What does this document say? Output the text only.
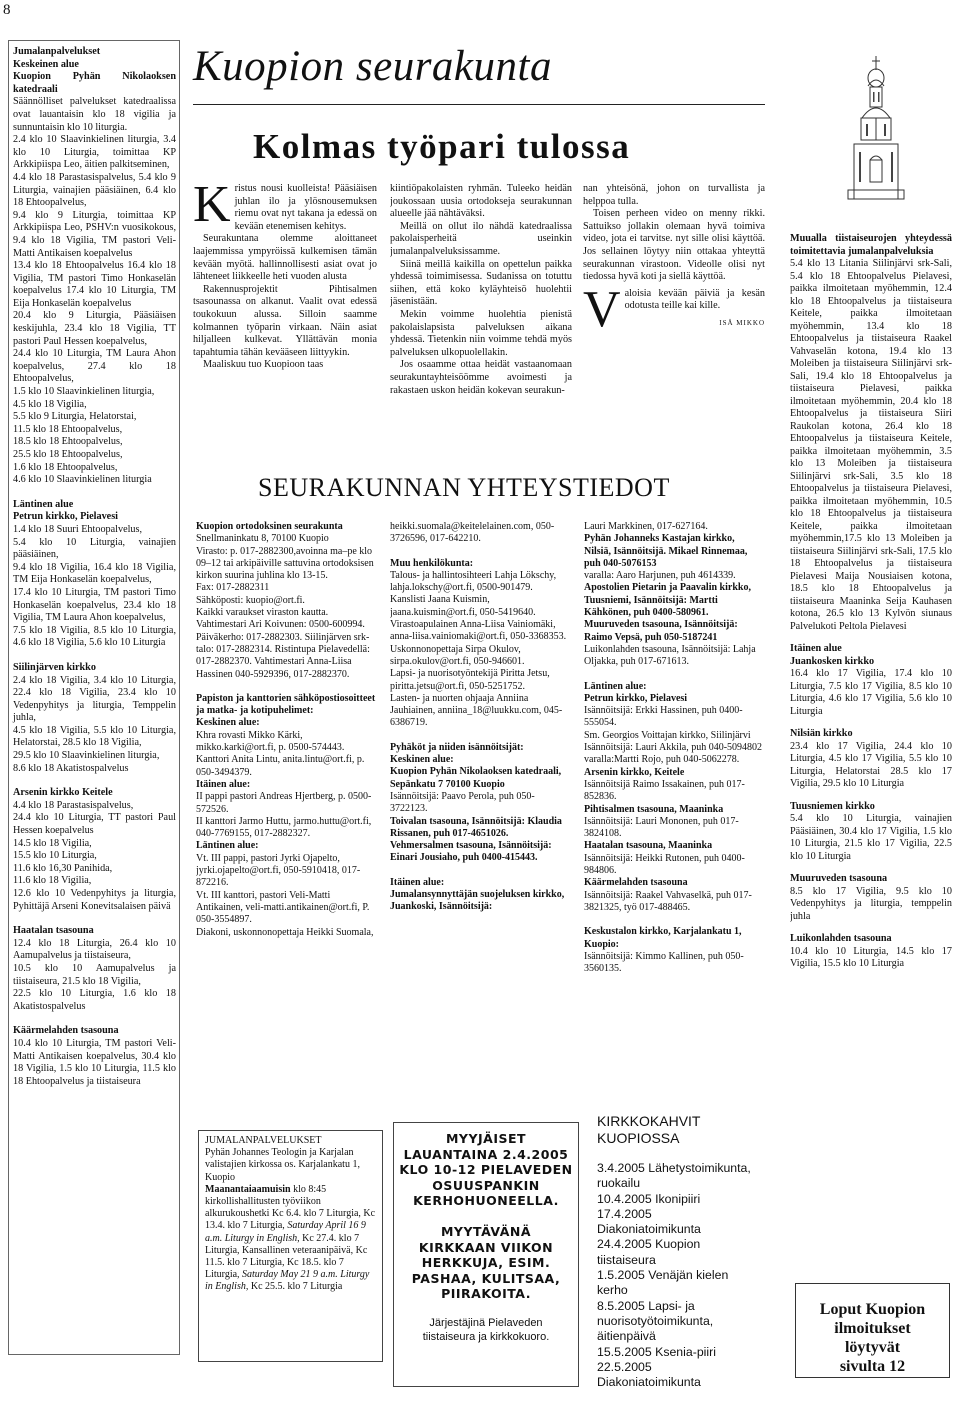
8

Jumalanpalvelukset

Keskeinen alue

Kuopion Pyhän Nikolaoksen katedraali

Säännölliset palvelukset katedraalissa ovat lauantaisin klo 18 vigilia ja sunnuntaisin klo 10 liturgia.

2.4 klo 10 Slaavinkielinen liturgia, 3.4 klo 10 Liturgia, toimittaa KP Arkkipiispa Leo, äitien palkitseminen,

4.4 klo 18 Parastasispalvelus, 5.4 klo 9 Liturgia, vainajien pääsiäinen, 6.4 klo 18 Ehtoopalvelus,

9.4 klo 9 Liturgia, toimittaa KP Arkkipiispa Leo, PSHV:n vuosikokous, 9.4 klo 18 Vigilia, TM pastori Veli-Matti Antikaisen koepalvelus

13.4 klo 18 Ehtoopalvelus 16.4 klo 18 Vigilia, TM pastori Timo Honkaselän koepalvelus 17.4 klo 10 Liturgia, TM Eija Honkaselän koepalvelus

20.4 klo 9 Liturgia, Pääsiäisen keskijuhla, 23.4 klo 18 Vigilia, TT pastori Paul Hessen koepalvelus,

24.4 klo 10 Liturgia, TM Laura Ahon koepalvelus, 27.4 klo 18 Ehtoopalvelus,

1.5 klo 10 Slaavinkielinen liturgia,

4.5 klo 18 Vigilia,

5.5 klo 9 Liturgia, Helatorstai,

11.5 klo 18 Ehtoopalvelus,

18.5 klo 18 Ehtoopalvelus,

25.5 klo 18 Ehtoopalvelus,

1.6 klo 18 Ehtoopalvelus,

4.6 klo 10 Slaavinkielinen liturgia

Läntinen alue

Petrun kirkko, Pielavesi

1.4 klo 18 Suuri Ehtoopalvelus,

5.4 klo 10 Liturgia, vainajien pääsiäinen,

9.4 klo 18 Vigilia, 16.4 klo 18 Vigilia, TM Eija Honkaselän koepalvelus,

17.4 klo 10 Liturgia, TM pastori Timo Honkaselän koepalvelus, 23.4 klo 18 Vigilia, TM Laura Ahon koepalvelus,

7.5 klo 18 Vigilia, 8.5 klo 10 Liturgia, 4.6 klo 18 Vigilia, 5.6 klo 10 Liturgia

Siilinjärven kirkko

2.4 klo 18 Vigilia, 3.4 klo 10 Liturgia, 22.4 klo 18 Vigilia, 23.4 klo 10 Vedenpyhitys ja liturgia, Temppelin juhla,

4.5 klo 18 Vigilia, 5.5 klo 10 Liturgia, Helatorstai, 28.5 klo 18 Vigilia,

29.5 klo 10 Slaavinkielinen liturgia,

8.6 klo 18 Akatistospalvelus

Arsenin kirkko Keitele

4.4 klo 18 Parastasispalvelus,

24.4 klo 10 Liturgia, TT pastori Paul Hessen koepalvelus

14.5 klo 18 Vigilia,

15.5 klo 10 Liturgia,

11.6 klo 16,30 Panihida,

11.6 klo 18 Vigilia,

12.6 klo 10 Vedenpyhitys ja liturgia, Pyhittäjä Arseni Konevitsalaisen päivä

Haatalan tsasouna

12.4 klo 18 Liturgia, 26.4 klo 10 Aamupalvelus ja tiistaiseura,

10.5 klo 10 Aamupalvelus ja tiistaiseura, 21.5 klo 18 Vigilia,

22.5 klo 10 Liturgia, 1.6 klo 18 Akatistospalvelus

Käärmelahden tsasouna

10.4 klo 10 Liturgia, TM pastori Veli-Matti Antikaisen koepalvelus, 30.4 klo 18 Vigilia, 1.5 klo 10 Liturgia, 11.5 klo 18 Ehtoopalvelus ja tiistaiseura

Kuopion seurakunta
Kolmas työpari tulossa
K ristus nousi kuolleista! Pääsiäisen juhlan ilo ja ylösnousemuksen riemu ovat nyt takana ja edessä on kevään etenemisen kehitys.

Seurakuntana olemme aloittaneet laajemmissa ympyröissä kulkemisen tämän kevään myötä. hallinnollisesti asiat ovat jo lähteneet liikkeelle heti vuoden alusta

Rakennusprojektit Pihtisalmen tsasounassa on alkanut. Vaalit ovat edessä toukokuun alussa. Silloin saamme kolmannen työparin virkaan. Näin asiat hiljalleen kulkevat. Yllättävän monia tapahtumia tähän kevääseen liittyykin.

Maaliskuu tuo Kuopioon taas

kiintiöpakolaisten ryhmän. Tuleeko heidän joukossaan uusia ortodokseja seurakunnan alueelle jää nähtäväksi.

Meillä on ollut ilo nähdä katedraalissa pakolaisperheitä useinkin jumalanpalveluksissamme.

Siinä meillä kaikilla on opettelun paikka yhdessä toimimisessa. Sudanissa on totuttu siihen, että koko kyläyhteisö huolehtii jäsenistään.

Mekin voimme huolehtia pienistä pakolaislapsista palveluksen aikana yhdessä. Tietenkin niin voimme tehdä myös palveluksen ulkopuolellakin.

Jos osaamme ottaa heidät vastaanomaan seurakuntayhteisöömme avoimesti ja rakastaen uskon heidän kokevan seurakun-

nan yhteisönä, johon on turvallista ja helppoa tulla.

Toisen perheen video on menny rikki. Sattuikso jollakin olemaan hyvä toimiva video, jota ei tarvitse. nyt sille olisi käyttöä. Jos sellainen löytyy niin ottakaa yhteyttä seurakunnan virastoon. Videolle olisi nyt tiedossa hyvä koti ja siellä käyttöä.

V aloisia kevään päiviä ja kesän odotusta teille kai kille.

ISÄ MIKKO
SEURAKUNNAN YHTEYSTIEDOT

Kuopion ortodoksinen seurakunta

Snellmaninkatu 8, 70100 Kuopio

Virasto: p. 017-2882300,avoinna ma–pe klo 09–12 tai arkipäiville sattuvina ortodoksisen kirkon suurina juhlina klo 13-15.

Fax: 017-2882311

Sähköposti: kuopio@ort.fi.

Kaikki varaukset viraston kautta. Vahtimestari Ari Koivunen: 0500-600994. Päiväkerho: 017-2882303. Siilinjärven srk-talo: 017-2882314. Ristintupa Pielavedellä: 017-2882370. Vahtimestari Anna-Liisa Hassinen 040-5929396, 017-2882370.

Papiston ja kanttorien sähköpostiosoitteet ja matka- ja kotipuhelimet:

Keskinen alue:

Khra rovasti Mikko Kärki, mikko.karki@ort.fi, p. 0500-574443. Kanttori Anita Lintu, anita.lintu@ort.fi, p. 050-3494379.

Itäinen alue:

II pappi pastori Andreas Hjertberg, p. 0500-572526.

II kanttori Jarmo Huttu, jarmo.huttu@ort.fi, 040-7769155, 017-2882327.

Läntinen alue:

Vt. III pappi, pastori Jyrki Ojapelto, jyrki.ojapelto@ort.fi, 050-5910418, 017-872216.

Vt. III kanttori, pastori Veli-Matti Antikainen, veli-matti.antikainen@ort.fi, P. 050-3554897.

Diakoni, uskonnonopettaja Heikki Suomala,

heikki.suomala@keitelelainen.com, 050-3726596, 017-642210.

Muu henkilökunta:

Talous- ja hallintosihteeri Lahja Lökschy, lahja.lokschy@ort.fi, 0500-901479.

Kanslisti Jaana Kuismin, jaana.kuismin@ort.fi, 050-5419640.

Virastoapulainen Anna-Liisa Vainiomäki, anna-liisa.vainiomaki@ort.fi, 050-3368353.

Uskonnonopettaja Sirpa Okulov, sirpa.okulov@ort.fi, 050-946601.

Lapsi- ja nuorisotyöntekijä Piritta Jetsu, piritta.jetsu@ort.fi, 050-5251752.

Lasten- ja nuorten ohjaaja Anniina Jauhiainen, anniina_18@luukku.com, 045-6386719.

Pyhäköt ja niiden isännöitsijät:

Keskinen alue:

Kuopion Pyhän Nikolaoksen katedraali, Sepänkatu 7 70100 Kuopio

Isännöitsijä: Paavo Perola, puh 050-3722123.

Toivalan tsasouna, Isännöitsijä: Klaudia Rissanen, puh 017-4651026.

Vehmersalmen tsasouna, Isännöitsijä: Einari Jousiaho, puh 0400-415443.

Itäinen alue:

Jumalansynnyttäjän suojeluksen kirkko, Juankoski, Isännöitsijä:

Lauri Markkinen, 017-627164.

Pyhän Johanneks Kastajan kirkko, Nilsiä, Isännöitsijä. Mikael Rinnemaa, puh 040-5076153

varalla: Aaro Harjunen, puh 4614339.

Apostolien Pietarin ja Paavalin kirkko, Tuusniemi, Isännöitsijä: Martti Kähkönen, puh 0400-580961.

Muuruveden tsasouna, Isännöitsijä: Raimo Vepsä, puh 050-5187241

Luikonlahden tsasouna, Isännöitsijä: Lahja Oljakka, puh 017-671613.

Läntinen alue:

Petrun kirkko, Pielavesi

Isännöitsijä: Erkki Hassinen, puh 0400-555054.

Sm. Georgios Voittajan kirkko, Siilinjärvi

Isännöitsijä: Lauri Akkila, puh 040-5094802

varalla:Martti Rojo, puh 040-5062278.

Arsenin kirkko, Keitele

Isännöitsijä Raimo Issakainen, puh 017-852836.

Pihtisalmen tsasouna, Maaninka

Isännöitsijä: Lauri Mononen, puh 017-3824108.

Haatalan tsasouna, Maaninka

Isännöitsijä: Heikki Rutonen, puh 0400-984806.

Käärmelahden tsasouna

Isännöitsijä: Raakel Vahvaselkä, puh 017-3821325, työ 017-488465.

Keskustalon kirkko, Karjalankatu 1, Kuopio:

Isännöitsijä: Kimmo Kallinen, puh 050-3560135.

Muualla tiistaiseurojen yhteydessä toimitettavia jumalanpalveluksia

5.4 klo 13 Litania Siilinjärvi srk-Sali, 5.4 klo 18 Ehtoopalvelus Pielavesi, paikka ilmoitetaan myöhemmin, 12.4 klo 18 Ehtoopalvelus ja tiistaiseura Keitele, paikka ilmoitetaan myöhemmin, 13.4 klo 18 Ehtoopalvelus ja tiistaiseura Raakel Vahvaselän kotona, 19.4 klo 13 Moleiben ja tiistaiseura Siilinjärvi srk-Sali, 19.4 klo 18 Ehtoopalvelus ja tiistaiseura Pielavesi, paikka ilmoitetaan myöhemmin, 20.4 klo 18 Ehtoopalvelus ja tiistaiseura Siiri Raukolan kotona, 26.4 klo 18 Ehtoopalvelus ja tiistaiseura Keitele, paikka ilmoitetaan myöhemmin, 3.5 klo 13 Moleiben ja tiistaiseura Siilinjärvi srk-Sali, 3.5 klo 18 Ehtoopalvelus ja tiistaiseura Pielavesi, paikka ilmoitetaan myöhemmin, 10.5 klo 18 Ehtoopalvelus ja tiistaiseura Keitele, paikka ilmoitetaan myöhemmin,17.5 klo 13 Moleiben ja tiistaiseura Siilinjärvi srk-Sali, 17.5 klo 18 Ehtoopalvelus ja tiistaiseura Pielavesi Maija Nousiaisen kotona, 18.5 klo 18 Ehtoopalvelus ja tiistaiseura Maaninka Seija Kauhasen kotona, 26.5 klo 13 Kylvön siunaus Palvelukoti Peltola Pielavesi

Itäinen alue

Juankosken kirkko

16.4 klo 17 Vigilia, 17.4 klo 10 Liturgia, 7.5 klo 17 Vigilia, 8.5 klo 10 Liturgia, 4.6 klo 17 Vigilia, 5.6 klo 10 Liturgia

Nilsiän kirkko

23.4 klo 17 Vigilia, 24.4 klo 10 Liturgia, 4.5 klo 17 Vigilia, 5.5 klo 10 Liturgia, Helatorstai 28.5 klo 17 Vigilia, 29.5 klo 10 Liturgia

Tuusniemen kirkko

5.4 klo 10 Liturgia, vainajien Pääsiäinen, 30.4 klo 17 Vigilia, 1.5 klo 10 Liturgia, 21.5 klo 17 Vigilia, 22.5 klo 10 Liturgia

Muuruveden tsasouna

8.5 klo 17 Vigilia, 9.5 klo 10 Vedenpyhitys ja liturgia, temppelin juhla

Luikonlahden tsasouna

10.4 klo 10 Liturgia, 14.5 klo 17 Vigilia, 15.5 klo 10 Liturgia

JUMALANPALVELUKSET
Pyhän Johannes Teologin ja Karjalan valistajien kirkossa os. Karjalankatu 1, Kuopio
Maanantaiaamuisin klo 8:45 kirkollishallitusten työviikon alkurukoushetki Kc 6.4. klo 7 Liturgia, Kc 13.4. klo 7 Liturgia, Saturday April 16 9 a.m. Liturgy in English, Kc 27.4. klo 7 Liturgia, Kansallinen veteraanipäivä, Kc 11.5. klo 7 Liturgia, Kc 18.5. klo 7 Liturgia, Saturday May 21 9 a.m. Liturgy in English, Kc 25.5. klo 7 Liturgia
MYYJÄISET
LAUANTAINA 2.4.2005
KLO 10-12 PIELAVEDEN
OSUUSPANKIN
KERHOHUONEELLA.

MYYTÄVÄNÄ
KIRKKAAN VIIKON
HERKKUJA, ESIM.
PASHAA, KULITSAA,
PIIRAKOITA.
Järjestäjinä Pielaveden
tiistaiseura ja kirkkokuoro.
KIRKKOKAHVIT
KUOPIOSSA
3.4.2005 Lähetystoimikunta, ruokailu
10.4.2005 Ikonipiiri
17.4.2005 Diakoniatoimikunta
24.4.2005 Kuopion tiistaiseura
1.5.2005 Venäjän kielen kerho
8.5.2005 Lapsi- ja nuorisotyötoimikunta, äitienpäivä
15.5.2005 Ksenia-piiri
22.5.2005 Diakoniatoimikunta
Loput Kuopion
ilmoitukset
löytyvät
sivulta 12
